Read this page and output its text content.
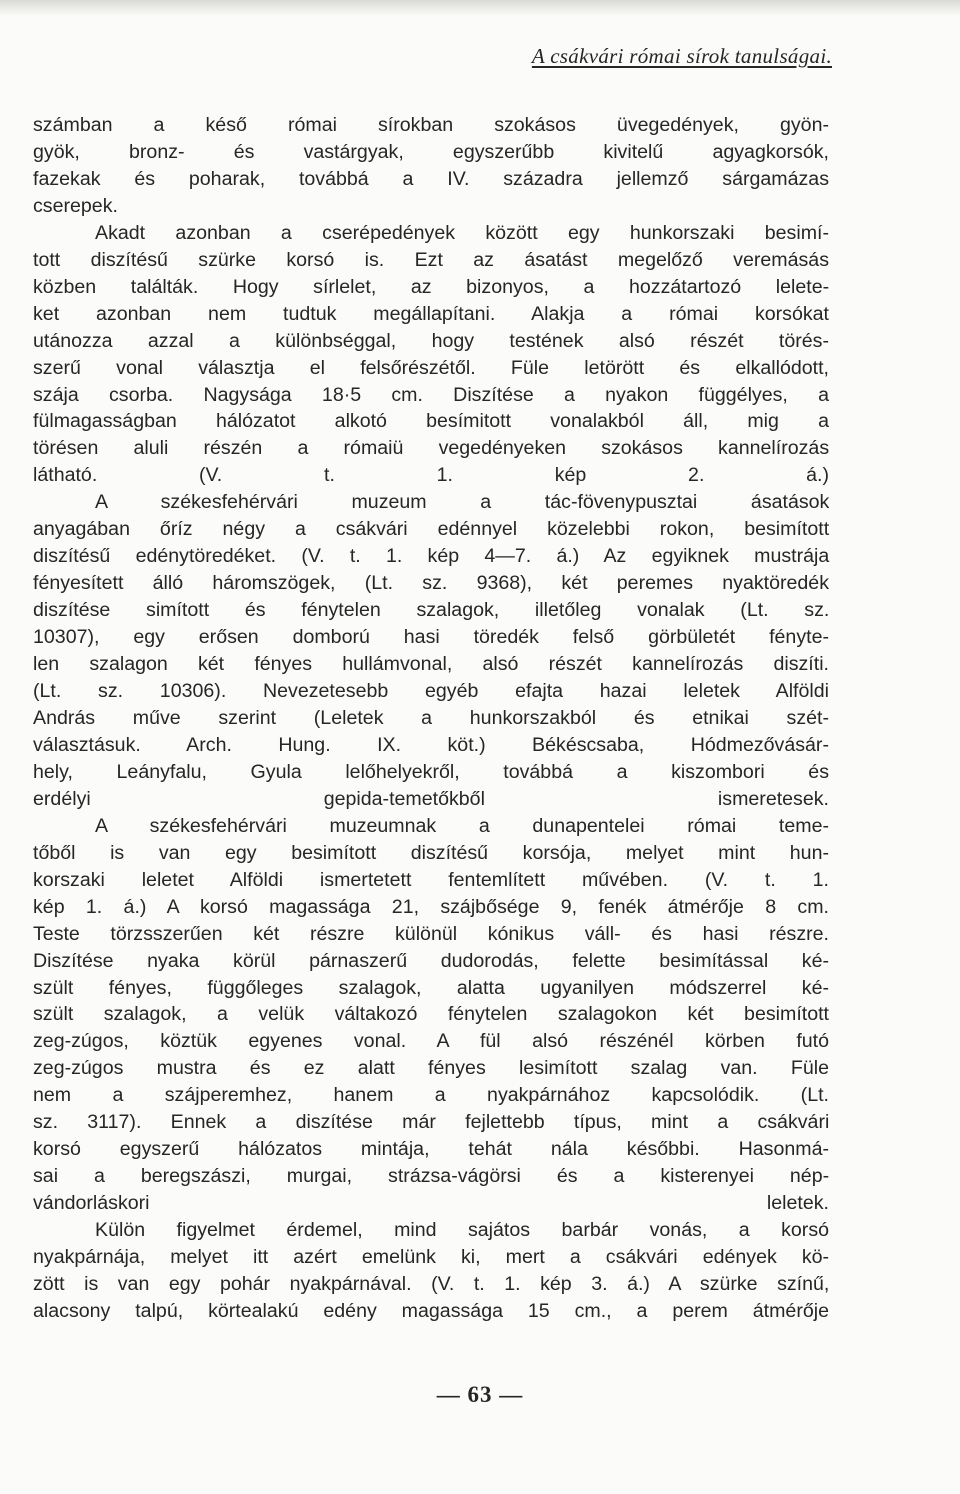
A csákvári római sírok tanulságai.

számban a késő római sírokban szokásos üvegedények, gyön-
gyök, bronz- és vastárgyak, egyszerűbb kivitelű agyagkorsók,
fazekak és poharak, továbbá a IV. századra jellemző sárgamázas
cserepek.

Akadt azonban a cserépedények között egy hunkorszaki besimí-
tott diszítésű szürke korsó is. Ezt az ásatást megelőző veremásás
közben találták. Hogy sírlelet, az bizonyos, a hozzátartozó lelete-
ket azonban nem tudtuk megállapítani. Alakja a római korsókat
utánozza azzal a különbséggal, hogy testének alsó részét törés-
szerű vonal választja el felsőrészétől. Füle letörött és elkallódott,
szája csorba. Nagysága 18·5 cm. Diszítése a nyakon függélyes, a
fülmagasságban hálózatot alkotó besímitott vonalakból áll, mig a
törésen aluli részén a rómaiü vegedényeken szokásos kannelírozás
látható. (V. t. 1. kép 2. á.)

A székesfehérvári muzeum a tác-fövenypusztai ásatások
anyagában őríz négy a csákvári edénnyel közelebbi rokon, besimított
diszítésű edénytöredéket. (V. t. 1. kép 4—7. á.) Az egyiknek mustrája
fényesített álló háromszögek, (Lt. sz. 9368), két peremes nyaktöredék
diszítése simított és fénytelen szalagok, illetőleg vonalak (Lt. sz.
10307), egy erősen domború hasi töredék felső görbületét fényte-
len szalagon két fényes hullámvonal, alsó részét kannelírozás diszíti.
(Lt. sz. 10306). Nevezetesebb egyéb efajta hazai leletek Alföldi
András műve szerint (Leletek a hunkorszakból és etnikai szét-
választásuk. Arch. Hung. IX. köt.) Békéscsaba, Hódmezővásár-
hely, Leányfalu, Gyula lelőhelyekről, továbbá a kiszombori és
erdélyi gepida-temetőkből ismeretesek.

A székesfehérvári muzeumnak a dunapentelei római teme-
tőből is van egy besimított diszítésű korsója, melyet mint hun-
korszaki leletet Alföldi ismertetett fentemlített művében. (V. t. 1.
kép 1. á.) A korsó magassága 21, szájbősége 9, fenék átmérője 8 cm.
Teste törzsszerűen két részre különül kónikus váll- és hasi részre.
Diszítése nyaka körül párnaszerű dudorodás, felette besimítással ké-
szült fényes, függőleges szalagok, alatta ugyanilyen módszerrel ké-
szült szalagok, a velük váltakozó fénytelen szalagokon két besimított
zeg-zúgos, köztük egyenes vonal. A fül alsó részénél körben futó
zeg-zúgos mustra és ez alatt fényes lesimított szalag van. Füle
nem a szájperemhez, hanem a nyakpárnához kapcsolódik. (Lt.
sz. 3117). Ennek a diszítése már fejlettebb típus, mint a csákvári
korsó egyszerű hálózatos mintája, tehát nála későbbi. Hasonmá-
sai a beregszászi, murgai, strázsa-vágörsi és a kisterenyei nép-
vándorláskori leletek.

Külön figyelmet érdemel, mind sajátos barbár vonás, a korsó
nyakpárnája, melyet itt azért emelünk ki, mert a csákvári edények kö-
zött is van egy pohár nyakpárnával. (V. t. 1. kép 3. á.) A szürke színű,
alacsony talpú, körtealakú edény magassága 15 cm., a perem átmérője

— 63 —
